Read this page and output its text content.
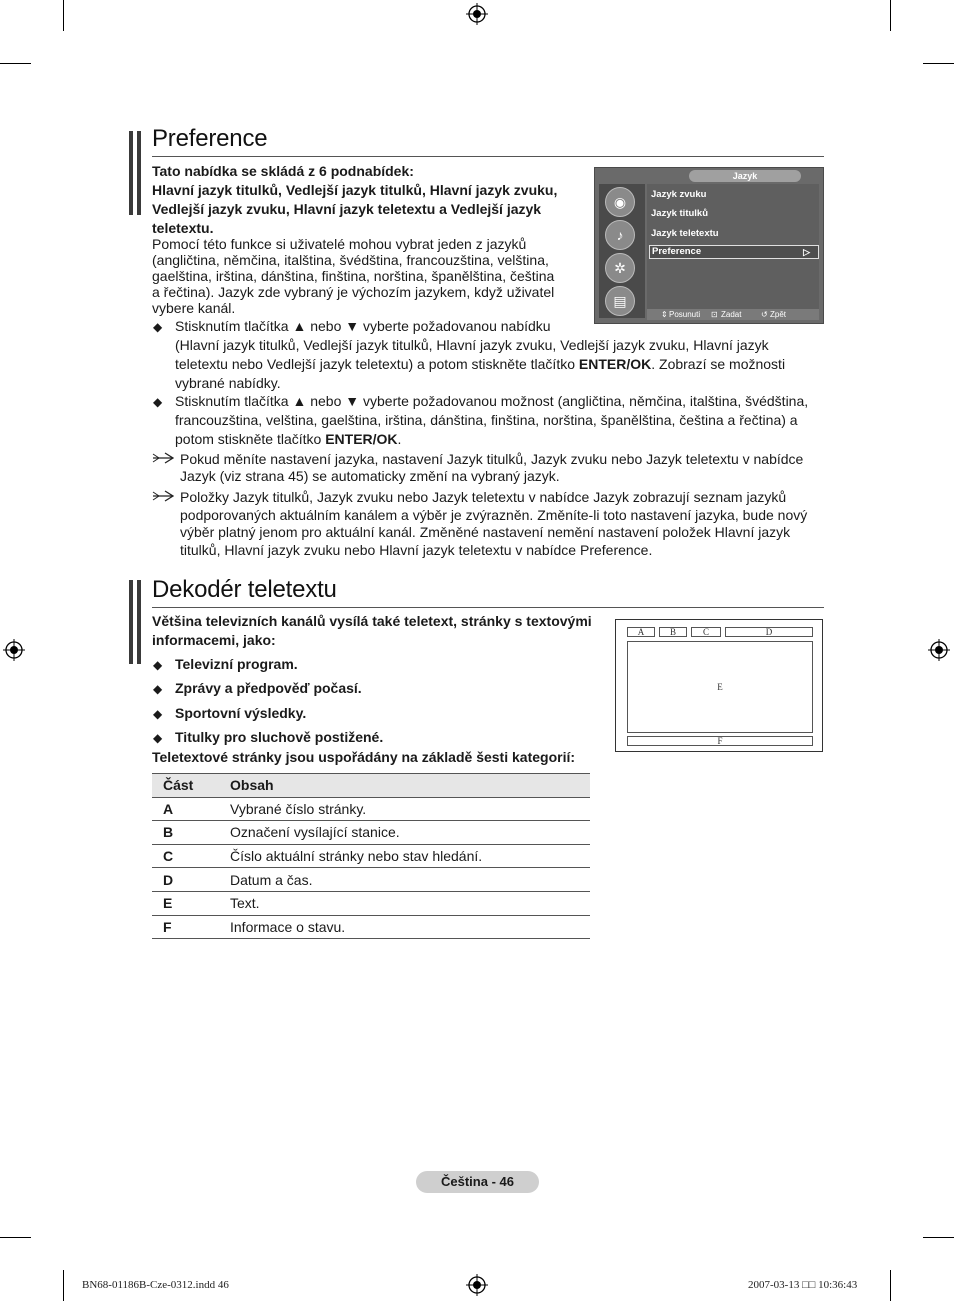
Preference
Tato nabídka se skládá z 6 podnabídek:
Hlavní jazyk titulků, Vedlejší jazyk titulků, Hlavní jazyk zvuku,
Vedlejší jazyk zvuku, Hlavní jazyk teletextu a Vedlejší jazyk
teletextu.
Pomocí této funkce si uživatelé mohou vybrat jeden z jazyků
(angličtina, němčina, italština, švédština, francouzština, velština,
gaelština, irština, dánština, finština, norština, španělština, čeština
a řečtina). Jazyk zde vybraný je výchozím jazykem, když uživatel
vybere kanál.
◆ Stisknutím tlačítka ▲ nebo ▼ vyberte požadovanou nabídku
(Hlavní jazyk titulků, Vedlejší jazyk titulků, Hlavní jazyk zvuku, Vedlejší jazyk zvuku, Hlavní jazyk
teletextu nebo Vedlejší jazyk teletextu) a potom stiskněte tlačítko ENTER/OK. Zobrazí se možnosti
vybrané nabídky.
◆ Stisknutím tlačítka ▲ nebo ▼ vyberte požadovanou možnost (angličtina, němčina, italština, švédština,
francouzština, velština, gaelština, irština, dánština, finština, norština, španělština, čeština a řečtina) a
potom stiskněte tlačítko ENTER/OK.
Pokud měníte nastavení jazyka, nastavení Jazyk titulků, Jazyk zvuku nebo Jazyk teletextu v nabídce
Jazyk (viz strana 45) se automaticky změní na vybraný jazyk.
Položky Jazyk titulků, Jazyk zvuku nebo Jazyk teletextu v nabídce Jazyk zobrazují seznam jazyků
podporovaných aktuálním kanálem a výběr je zvýrazněn. Změníte-li toto nastavení jazyka, bude nový
výběr platný jenom pro aktuální kanál. Změněné nastavení nemění nastavení položek Hlavní jazyk
titulků, Hlavní jazyk zvuku nebo Hlavní jazyk teletextu v nabídce Preference.
Jazyk
◉
♪
✲
▤
Jazyk zvuku
Jazyk titulků
Jazyk teletextu
Preference	▷
⇕ Posunuti ⊡ Zadat ↺ Zpět
Dekodér teletextu
Většina televizních kanálů vysílá také teletext, stránky s textovými
informacemi, jako:
◆ Televizní program.
◆ Zprávy a předpověď počasí.
◆ Sportovní výsledky.
◆ Titulky pro sluchově postižené.
Teletextové stránky jsou uspořádány na základě šesti kategorií:
A	B	C	D
E
F
Část	Obsah
A	Vybrané číslo stránky.
B	Označení vysílající stanice.
C	Číslo aktuální stránky nebo stav hledání.
D	Datum a čas.
E	Text.
F	Informace o stavu.
Čeština - 46
BN68-01186B-Cze-0312.indd 46	2007-03-13 □□ 10:36:43
